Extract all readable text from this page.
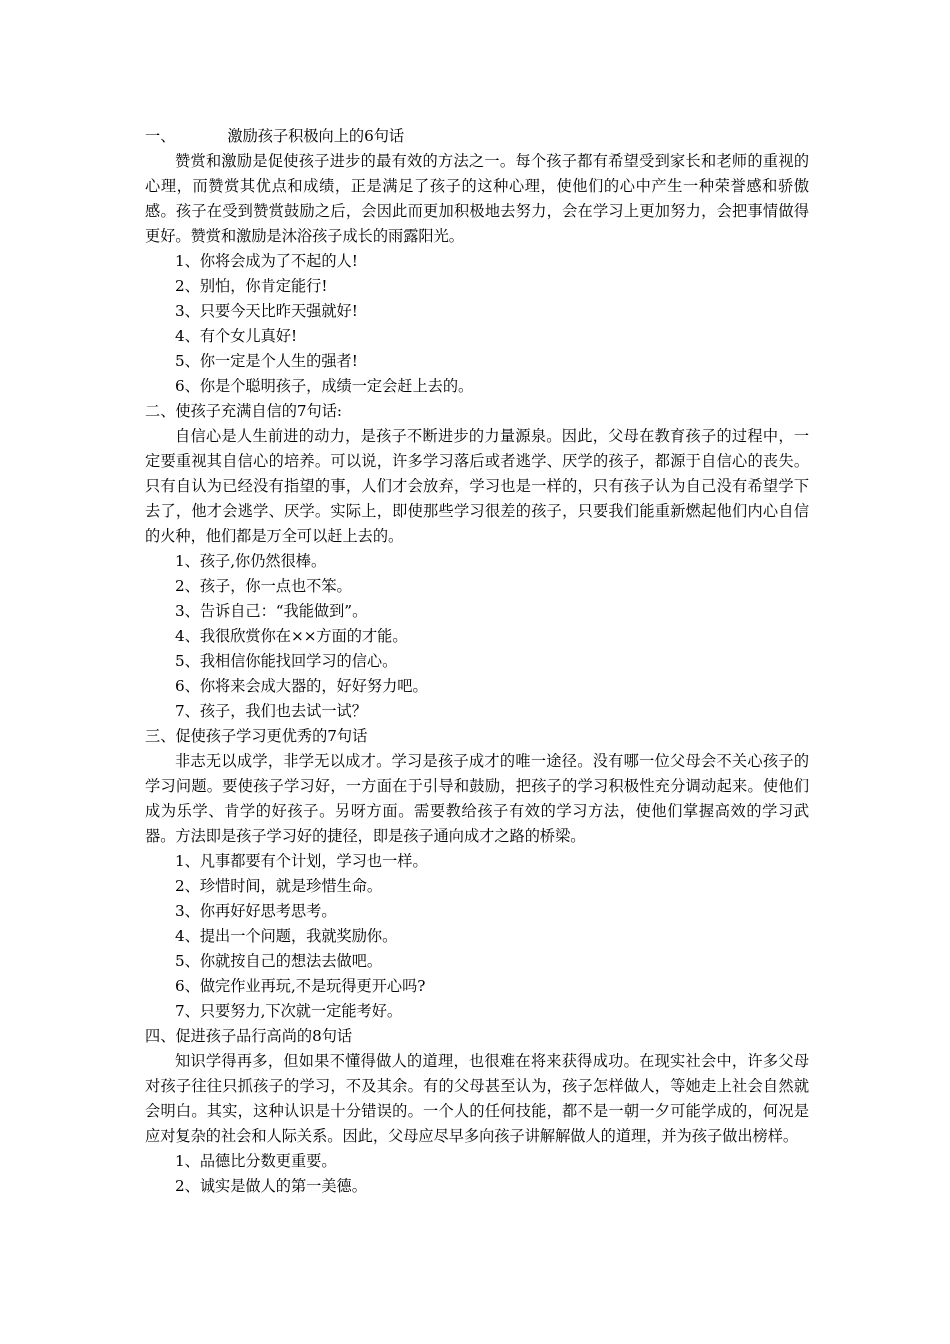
一、	激励孩子积极向上的6句话

赞赏和激励是促使孩子进步的最有效的方法之一。每个孩子都有希望受到家长和老师的重视的心理，而赞赏其优点和成绩，正是满足了孩子的这种心理，使他们的心中产生一种荣誉感和骄傲感。孩子在受到赞赏鼓励之后，会因此而更加积极地去努力，会在学习上更加努力，会把事情做得更好。赞赏和激励是沐浴孩子成长的雨露阳光。

1、你将会成为了不起的人!
2、别怕，你肯定能行!
3、只要今天比昨天强就好!
4、有个女儿真好!
5、你一定是个人生的强者!
6、你是个聪明孩子，成绩一定会赶上去的。
二、使孩子充满自信的7句话:

自信心是人生前进的动力，是孩子不断进步的力量源泉。因此，父母在教育孩子的过程中，一定要重视其自信心的培养。可以说，许多学习落后或者逃学、厌学的孩子，都源于自信心的丧失。只有自认为已经没有指望的事，人们才会放弃，学习也是一样的，只有孩子认为自己没有希望学下去了，他才会逃学、厌学。实际上，即使那些学习很差的孩子，只要我们能重新燃起他们内心自信的火种，他们都是万全可以赶上去的。

1、孩子,你仍然很棒。
2、孩子，你一点也不笨。
3、告诉自己：“我能做到”。
4、我很欣赏你在××方面的才能。
5、我相信你能找回学习的信心。
6、你将来会成大器的，好好努力吧。
7、孩子，我们也去试一试？
三、促使孩子学习更优秀的7句话

非志无以成学，非学无以成才。学习是孩子成才的唯一途径。没有哪一位父母会不关心孩子的学习问题。要使孩子学习好，一方面在于引导和鼓励，把孩子的学习积极性充分调动起来。使他们成为乐学、肯学的好孩子。另呀方面。需要教给孩子有效的学习方法，使他们掌握高效的学习武器。方法即是孩子学习好的捷径，即是孩子通向成才之路的桥梁。

1、凡事都要有个计划，学习也一样。
2、珍惜时间，就是珍惜生命。
3、你再好好思考思考。
4、提出一个问题，我就奖励你。
5、你就按自己的想法去做吧。
6、做完作业再玩,不是玩得更开心吗?
7、只要努力,下次就一定能考好。
四、促进孩子品行高尚的8句话

知识学得再多，但如果不懂得做人的道理，也很难在将来获得成功。在现实社会中，许多父母对孩子往往只抓孩子的学习，不及其余。有的父母甚至认为，孩子怎样做人，等她走上社会自然就会明白。其实，这种认识是十分错误的。一个人的任何技能，都不是一朝一夕可能学成的，何况是应对复杂的社会和人际关系。因此，父母应尽早多向孩子讲解解做人的道理，并为孩子做出榜样。

1、品德比分数更重要。
2、诚实是做人的第一美德。
